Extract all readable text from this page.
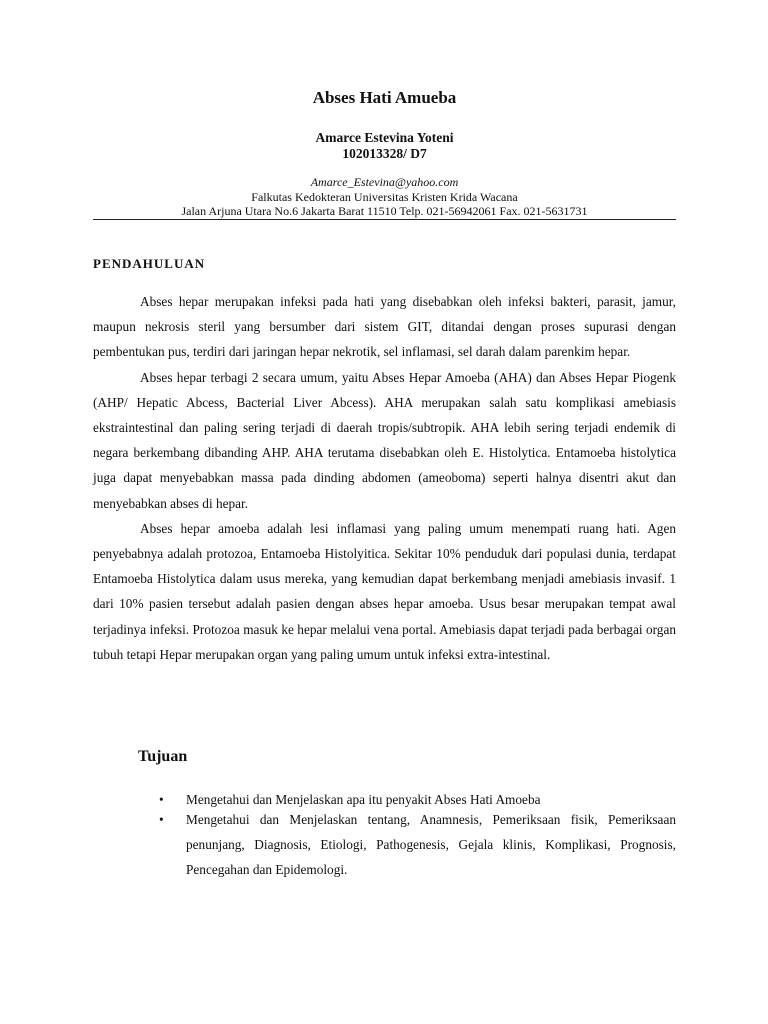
Abses Hati Amueba
Amarce Estevina Yoteni
102013328/ D7
Amarce_Estevina@yahoo.com
Falkutas Kedokteran Universitas Kristen Krida Wacana
Jalan Arjuna Utara No.6 Jakarta Barat 11510 Telp. 021-56942061 Fax. 021-5631731
PENDAHULUAN

Abses hepar merupakan infeksi pada hati yang disebabkan oleh infeksi bakteri, parasit, jamur, maupun nekrosis steril yang bersumber dari sistem GIT, ditandai dengan proses supurasi dengan pembentukan pus, terdiri dari jaringan hepar nekrotik, sel inflamasi, sel darah dalam parenkim hepar.

Abses hepar terbagi 2 secara umum, yaitu Abses Hepar Amoeba (AHA) dan Abses Hepar Piogenk (AHP/ Hepatic Abcess, Bacterial Liver Abcess). AHA merupakan salah satu komplikasi amebiasis ekstraintestinal dan paling sering terjadi di daerah tropis/subtropik. AHA lebih sering terjadi endemik di negara berkembang dibanding AHP. AHA terutama disebabkan oleh E. Histolytica. Entamoeba histolytica juga dapat menyebabkan massa pada dinding abdomen (ameoboma) seperti halnya disentri akut dan menyebabkan abses di hepar.

Abses hepar amoeba adalah lesi inflamasi yang paling umum menempati ruang hati. Agen penyebabnya adalah protozoa, Entamoeba Histolyitica. Sekitar 10% penduduk dari populasi dunia, terdapat Entamoeba Histolytica dalam usus mereka, yang kemudian dapat berkembang menjadi amebiasis invasif. 1 dari 10% pasien tersebut adalah pasien dengan abses hepar amoeba. Usus besar merupakan tempat awal terjadinya infeksi. Protozoa masuk ke hepar melalui vena portal. Amebiasis dapat terjadi pada berbagai organ tubuh tetapi Hepar merupakan organ yang paling umum untuk infeksi extra-intestinal.

Tujuan
• Mengetahui dan Menjelaskan apa itu penyakit Abses Hati Amoeba
• Mengetahui dan Menjelaskan tentang, Anamnesis, Pemeriksaan fisik, Pemeriksaan penunjang, Diagnosis, Etiologi, Pathogenesis, Gejala klinis, Komplikasi, Prognosis, Pencegahan dan Epidemologi.
